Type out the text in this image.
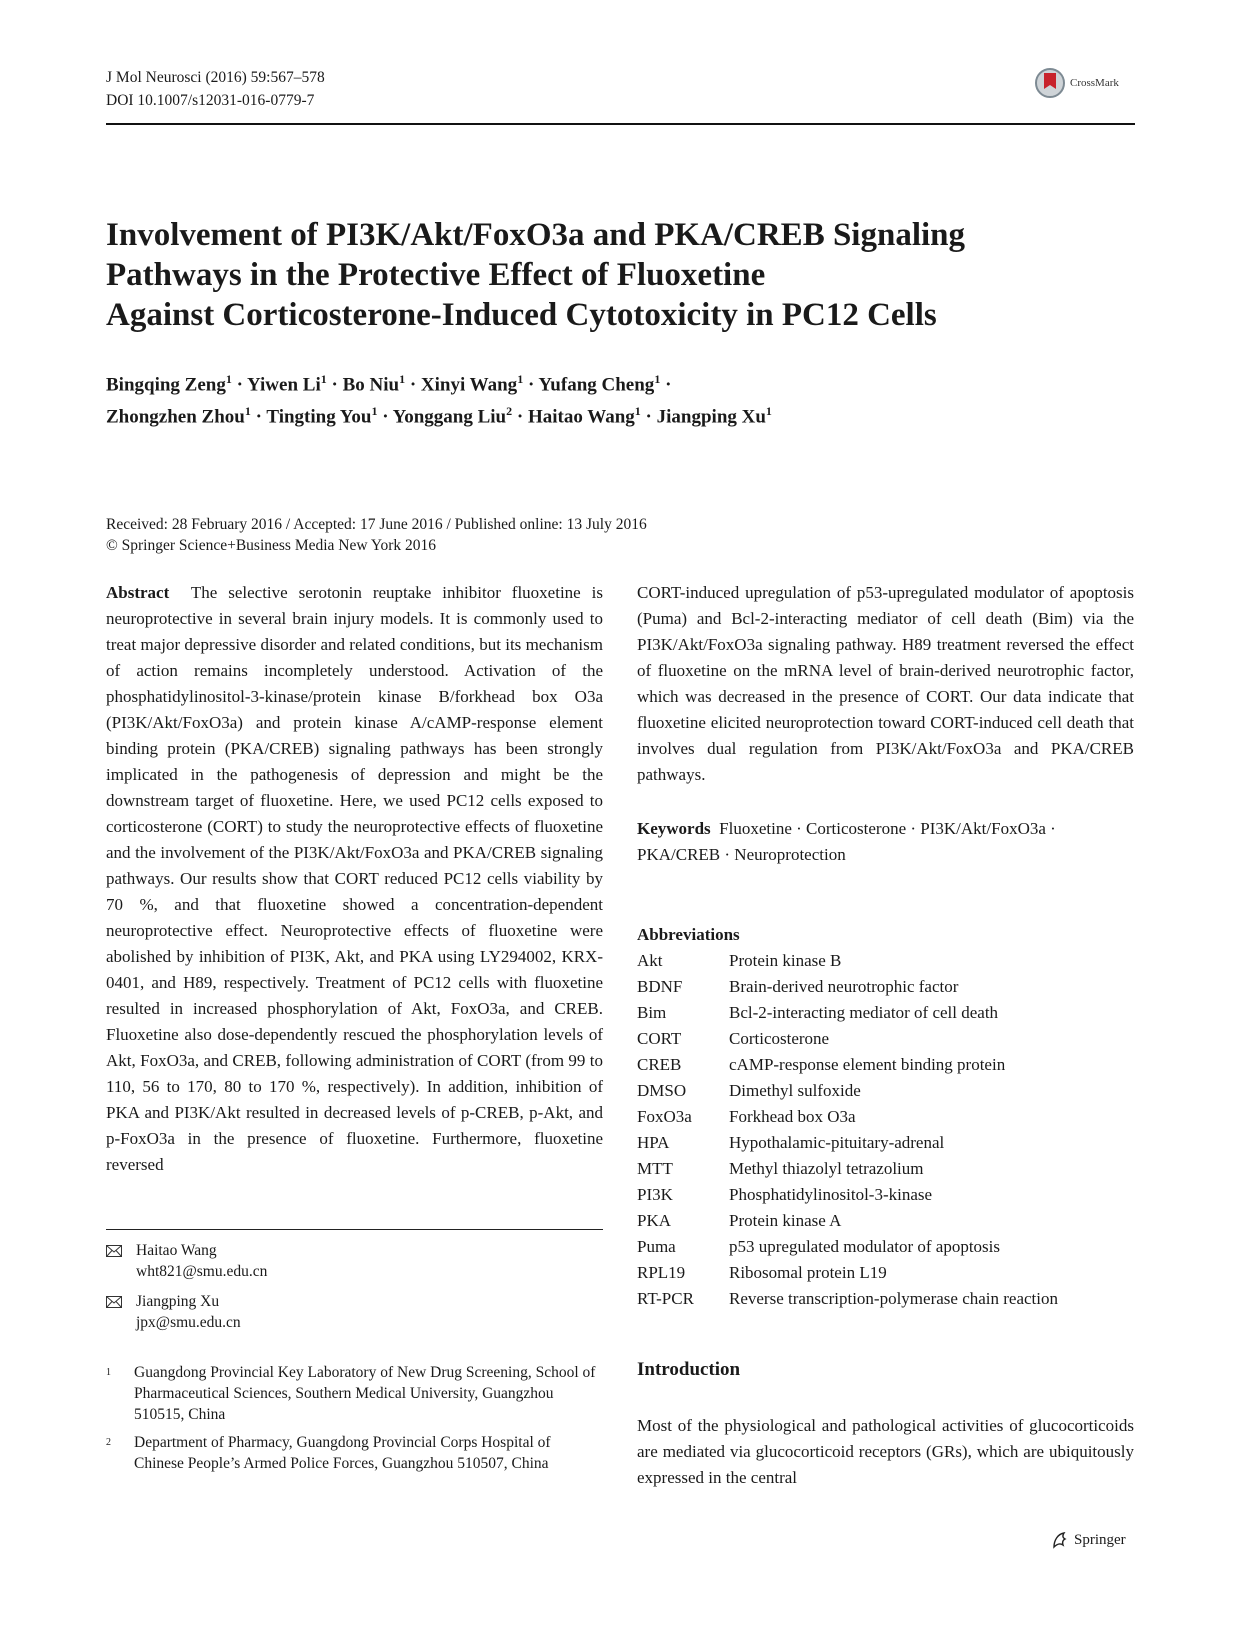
J Mol Neurosci (2016) 59:567–578
DOI 10.1007/s12031-016-0779-7
CrossMark
Involvement of PI3K/Akt/FoxO3a and PKA/CREB Signaling
Pathways in the Protective Effect of Fluoxetine
Against Corticosterone-Induced Cytotoxicity in PC12 Cells
Bingqing Zeng$^1$ · Yiwen $Li^1 \cdot Bo$ Niu$^1$ · Xinyi Wang$^1$ · Yufang Cheng$^1$ ·
Zhongzhen Zhou$^1$ · Tingting You$^1$ · Yonggang Liu$^2$ · Haitao Wang$^1$ · Jiangping Xu$^1$
Received: 28 February 2016 / Accepted: 17 June 2016 / Published online: 13 July 2016
© Springer Science+Business Media New York 2016
Abstract The selective serotonin reuptake inhibitor fluoxetine is neuroprotective in several brain injury models. It is commonly used to treat major depressive disorder and related conditions, but its mechanism of action remains incompletely understood. Activation of the phosphatidylinositol-3-kinase/protein kinase B/forkhead box O3a (PI3K/Akt/FoxO3a) and protein kinase A/cAMP-response element binding protein (PKA/CREB) signaling pathways has been strongly implicated in the pathogenesis of depression and might be the downstream target of fluoxetine. Here, we used PC12 cells exposed to corticosterone (CORT) to study the neuroprotective effects of fluoxetine and the involvement of the PI3K/Akt/FoxO3a and PKA/CREB signaling pathways. Our results show that CORT reduced PC12 cells viability by 70 %, and that fluoxetine showed a concentration-dependent neuroprotective effect. Neuroprotective effects of fluoxetine were abolished by inhibition of PI3K, Akt, and PKA using LY294002, KRX-0401, and H89, respectively. Treatment of PC12 cells with fluoxetine resulted in increased phosphorylation of Akt, FoxO3a, and CREB. Fluoxetine also dose-dependently rescued the phosphorylation levels of Akt, FoxO3a, and CREB, following administration of CORT (from 99 to 110, 56 to 170, 80 to 170 %, respectively). In addition, inhibition of PKA and PI3K/Akt resulted in decreased levels of p-CREB, p-Akt, and p-FoxO3a in the presence of fluoxetine. Furthermore, fluoxetine reversed
Haitao Wang
wht821@smu.edu.cn
Jiangping Xu
jpx@smu.edu.cn
1	Guangdong Provincial Key Laboratory of New Drug Screening, School of Pharmaceutical Sciences, Southern Medical University, Guangzhou 510515, China
2	Department of Pharmacy, Guangdong Provincial Corps Hospital of Chinese People’s Armed Police Forces, Guangzhou 510507, China
CORT-induced upregulation of p53-upregulated modulator of apoptosis (Puma) and Bcl-2-interacting mediator of cell death (Bim) via the PI3K/Akt/FoxO3a signaling pathway. H89 treatment reversed the effect of fluoxetine on the mRNA level of brain-derived neurotrophic factor, which was decreased in the presence of CORT. Our data indicate that fluoxetine elicited neuroprotection toward CORT-induced cell death that involves dual regulation from PI3K/Akt/FoxO3a and PKA/CREB pathways.
Keywords Fluoxetine · Corticosterone · PI3K/Akt/FoxO3a · PKA/CREB · Neuroprotection
Abbreviations
Akt	Protein kinase B
BDNF	Brain-derived neurotrophic factor
Bim	Bcl-2-interacting mediator of cell death
CORT	Corticosterone
CREB	cAMP-response element binding protein
DMSO	Dimethyl sulfoxide
FoxO3a	Forkhead box O3a
HPA	Hypothalamic-pituitary-adrenal
MTT	Methyl thiazolyl tetrazolium
PI3K	Phosphatidylinositol-3-kinase
PKA	Protein kinase A
Puma	p53 upregulated modulator of apoptosis
RPL19	Ribosomal protein L19
RT-PCR	Reverse transcription-polymerase chain reaction
Introduction
Most of the physiological and pathological activities of glucocorticoids are mediated via glucocorticoid receptors (GRs), which are ubiquitously expressed in the central
Springer
